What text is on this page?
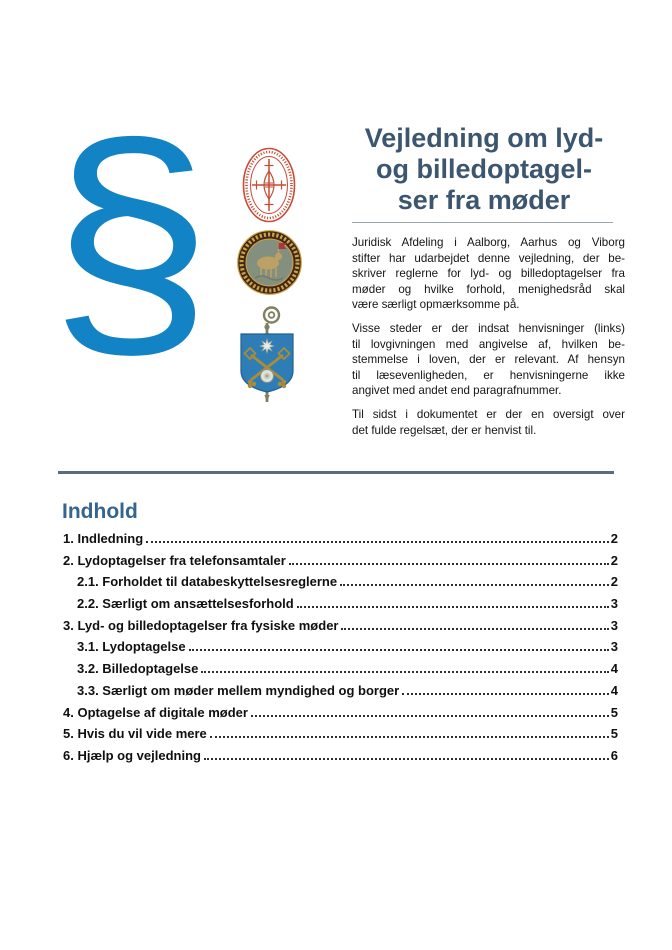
§	Vejledning om lyd-
og billedoptagel-
ser fra møder
Juridisk Afdeling i Aalborg, Aarhus og Viborg
stifter har udarbejdet denne vejledning, der be-
skriver reglerne for lyd- og billedoptagelser fra
møder og hvilke forhold, menighedsråd skal
være særligt opmærksomme på.
Visse steder er der indsat henvisninger (links)
til lovgivningen med angivelse af, hvilken be-
stemmelse i loven, der er relevant. Af hensyn
til læsevenligheden, er henvisningerne ikke
angivet med andet end paragrafnummer.
Til sidst i dokumentet er der en oversigt over
det fulde regelsæt, der er henvist til.
Indhold
1. Indledning	2
2. Lydoptagelser fra telefonsamtaler	2
2.1. Forholdet til databeskyttelsesreglerne	2
2.2. Særligt om ansættelsesforhold	3
3. Lyd- og billedoptagelser fra fysiske møder	3
3.1. Lydoptagelse	3
3.2. Billedoptagelse	4
3.3. Særligt om møder mellem myndighed og borger	4
4. Optagelse af digitale møder	5
5. Hvis du vil vide mere	5
6. Hjælp og vejledning	6
